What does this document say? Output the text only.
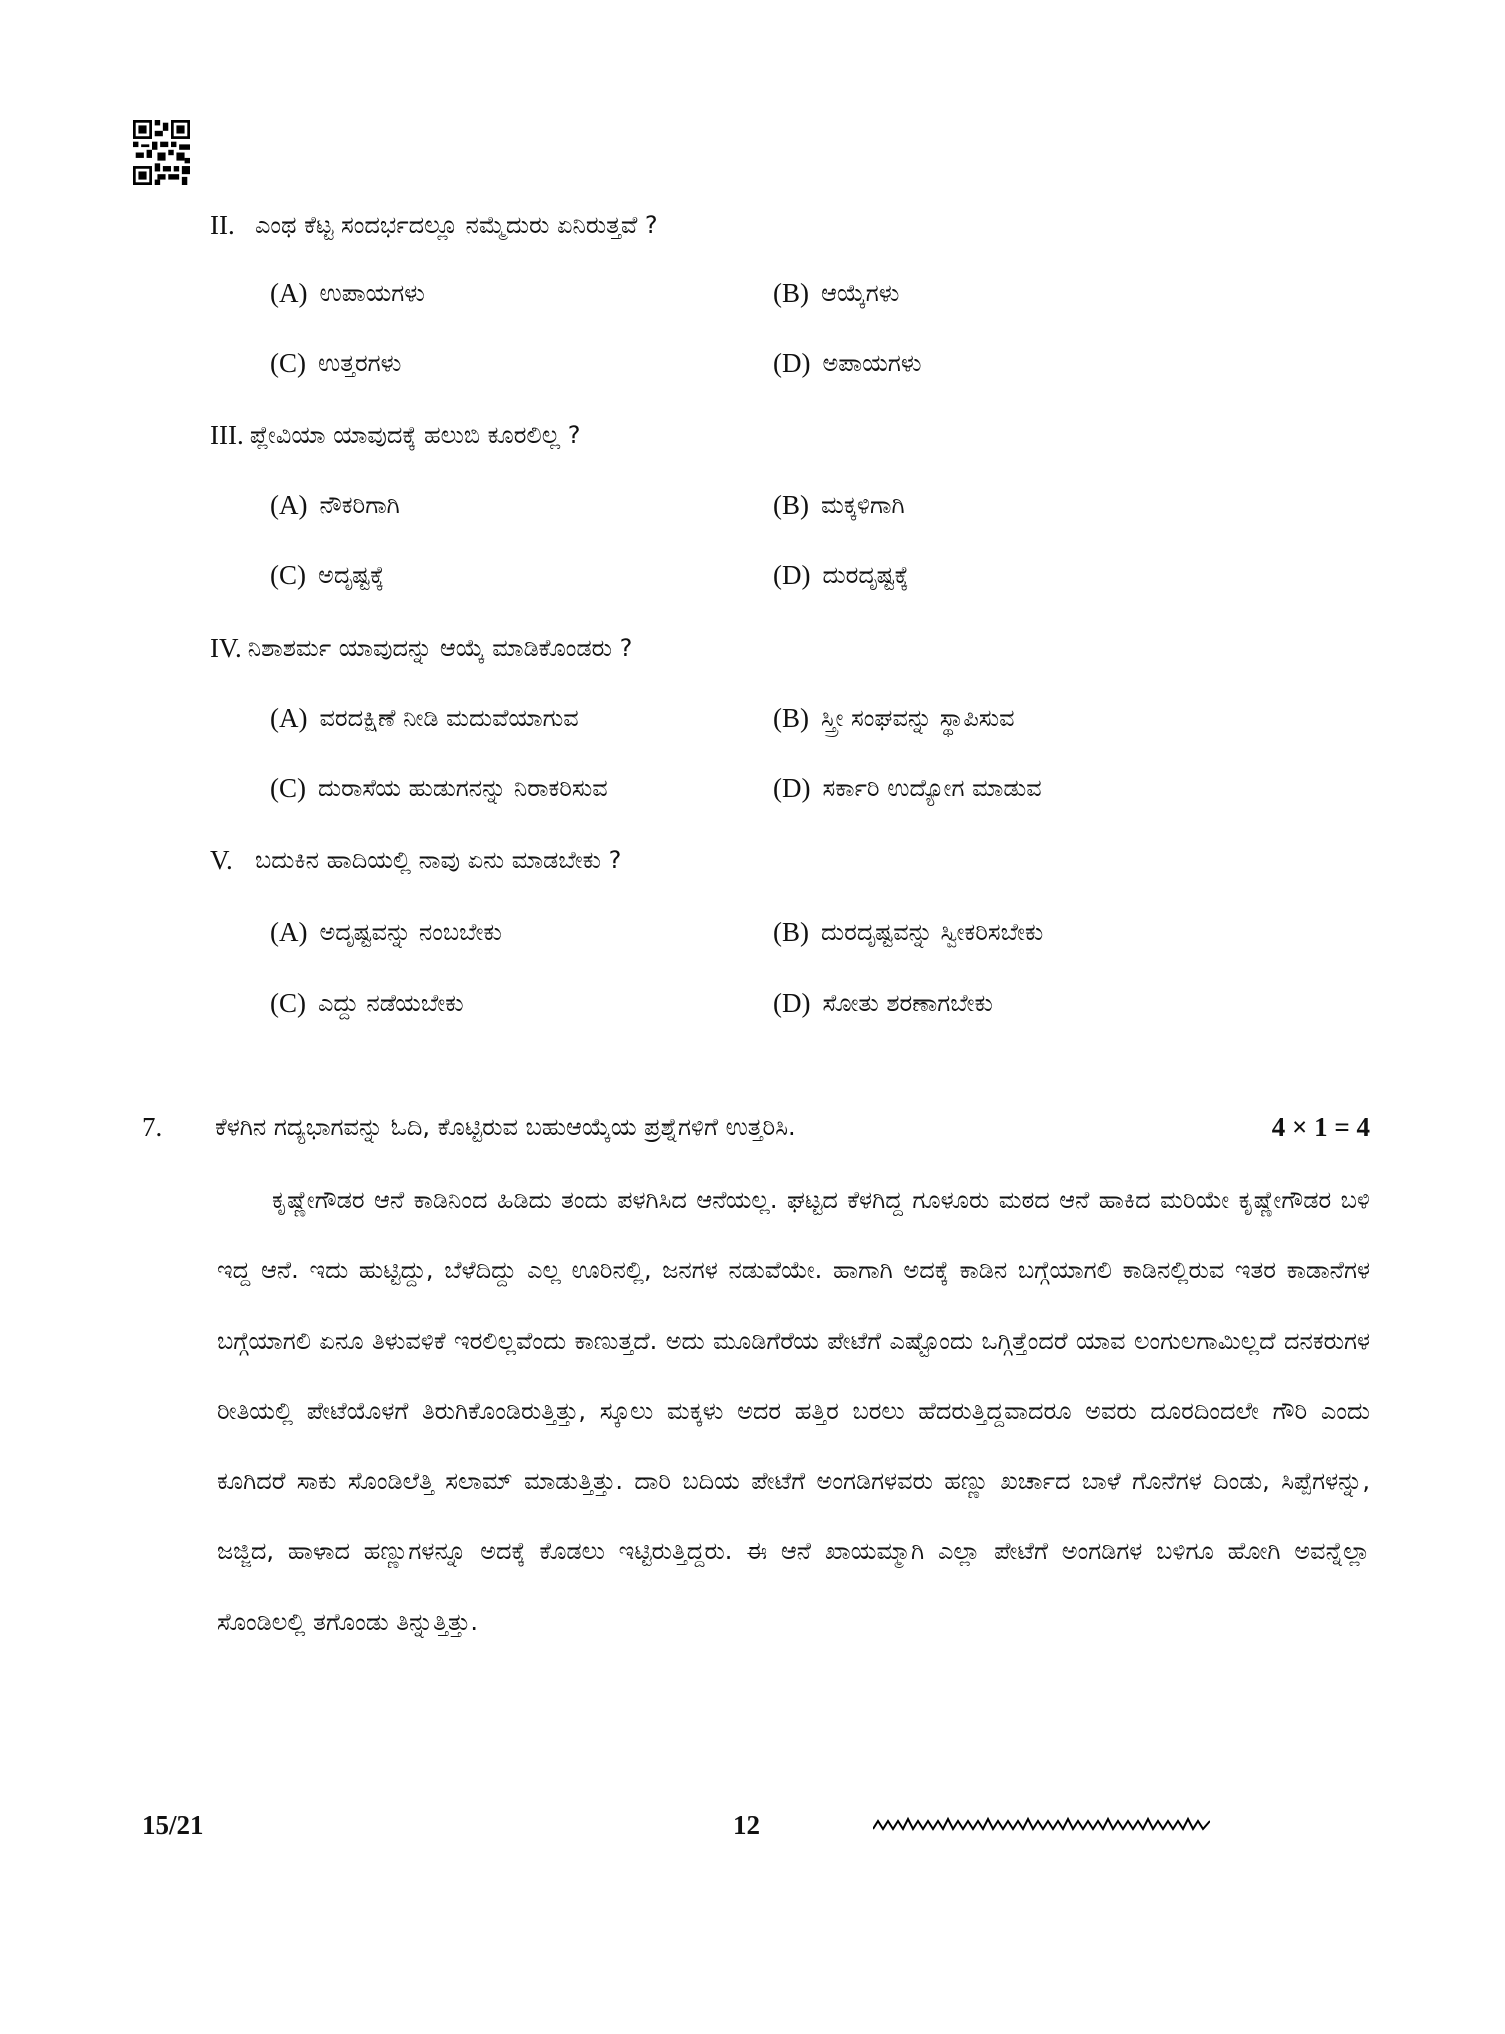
II. ಎಂಥ ಕೆಟ್ಟ ಸಂದರ್ಭದಲ್ಲೂ ನಮ್ಮೆದುರು ಏನಿರುತ್ತವೆ ?
(A) ಉಪಾಯಗಳು	(B) ಆಯ್ಕೆಗಳು
(C) ಉತ್ತರಗಳು	(D) ಅಪಾಯಗಳು
III. ಪ್ಲೇವಿಯಾ ಯಾವುದಕ್ಕೆ ಹಲುಬಿ ಕೂರಲಿಲ್ಲ ?
(A) ನೌಕರಿಗಾಗಿ	(B) ಮಕ್ಕಳಿಗಾಗಿ
(C) ಅದೃಷ್ಟಕ್ಕೆ	(D) ದುರದೃಷ್ಟಕ್ಕೆ
IV. ನಿಶಾಶರ್ಮ ಯಾವುದನ್ನು ಆಯ್ಕೆ ಮಾಡಿಕೊಂಡರು ?
(A) ವರದಕ್ಷಿಣೆ ನೀಡಿ ಮದುವೆಯಾಗುವ	(B) ಸ್ತ್ರೀ ಸಂಘವನ್ನು ಸ್ಥಾಪಿಸುವ
(C) ದುರಾಸೆಯ ಹುಡುಗನನ್ನು ನಿರಾಕರಿಸುವ	(D) ಸರ್ಕಾರಿ ಉದ್ಯೋಗ ಮಾಡುವ
V. ಬದುಕಿನ ಹಾದಿಯಲ್ಲಿ ನಾವು ಏನು ಮಾಡಬೇಕು ?
(A) ಅದೃಷ್ಟವನ್ನು ನಂಬಬೇಕು	(B) ದುರದೃಷ್ಟವನ್ನು ಸ್ವೀಕರಿಸಬೇಕು
(C) ಎದ್ದು ನಡೆಯಬೇಕು	(D) ಸೋತು ಶರಣಾಗಬೇಕು
7.	ಕೆಳಗಿನ ಗದ್ಯಭಾಗವನ್ನು ಓದಿ, ಕೊಟ್ಟಿರುವ ಬಹುಆಯ್ಕೆಯ ಪ್ರಶ್ನೆಗಳಿಗೆ ಉತ್ತರಿಸಿ.	4 × 1 = 4
ಕೃಷ್ಣೇಗೌಡರ ಆನೆ ಕಾಡಿನಿಂದ ಹಿಡಿದು ತಂದು ಪಳಗಿಸಿದ ಆನೆಯಲ್ಲ. ಘಟ್ಟದ ಕೆಳಗಿದ್ದ ಗೂಳೂರು ಮಠದ ಆನೆ ಹಾಕಿದ ಮರಿಯೇ ಕೃಷ್ಣೇಗೌಡರ ಬಳಿ ಇದ್ದ ಆನೆ. ಇದು ಹುಟ್ಟಿದ್ದು, ಬೆಳೆದಿದ್ದು ಎಲ್ಲ ಊರಿನಲ್ಲಿ, ಜನಗಳ ನಡುವೆಯೇ. ಹಾಗಾಗಿ ಅದಕ್ಕೆ ಕಾಡಿನ ಬಗ್ಗೆಯಾಗಲಿ ಕಾಡಿನಲ್ಲಿರುವ ಇತರ ಕಾಡಾನೆಗಳ ಬಗ್ಗೆಯಾಗಲಿ ಏನೂ ತಿಳುವಳಿಕೆ ಇರಲಿಲ್ಲವೆಂದು ಕಾಣುತ್ತದೆ. ಅದು ಮೂಡಿಗೆರೆಯ ಪೇಟೆಗೆ ಎಷ್ಟೊಂದು ಒಗ್ಗಿತ್ತೆಂದರೆ ಯಾವ ಲಂಗುಲಗಾಮಿಲ್ಲದೆ ದನಕರುಗಳ ರೀತಿಯಲ್ಲಿ ಪೇಟೆಯೊಳಗೆ ತಿರುಗಿಕೊಂಡಿರುತ್ತಿತ್ತು, ಸ್ಕೂಲು ಮಕ್ಕಳು ಅದರ ಹತ್ತಿರ ಬರಲು ಹೆದರುತ್ತಿದ್ದವಾದರೂ ಅವರು ದೂರದಿಂದಲೇ ಗೌರಿ ಎಂದು ಕೂಗಿದರೆ ಸಾಕು ಸೊಂಡಿಲೆತ್ತಿ ಸಲಾಮ್ ಮಾಡುತ್ತಿತ್ತು. ದಾರಿ ಬದಿಯ ಪೇಟೆಗೆ ಅಂಗಡಿಗಳವರು ಹಣ್ಣು ಖರ್ಚಾದ ಬಾಳೆ ಗೊನೆಗಳ ದಿಂಡು, ಸಿಪ್ಪೆಗಳನ್ನು, ಜಜ್ಜಿದ, ಹಾಳಾದ ಹಣ್ಣುಗಳನ್ನೂ ಅದಕ್ಕೆ ಕೊಡಲು ಇಟ್ಟಿರುತ್ತಿದ್ದರು. ಈ ಆನೆ ಖಾಯಮ್ಮಾಗಿ ಎಲ್ಲಾ ಪೇಟೆಗೆ ಅಂಗಡಿಗಳ ಬಳಿಗೂ ಹೋಗಿ ಅವನ್ನೆಲ್ಲಾ ಸೊಂಡಿಲಲ್ಲಿ ತಗೊಂಡು ತಿನ್ನುತ್ತಿತ್ತು.
15/21	12
